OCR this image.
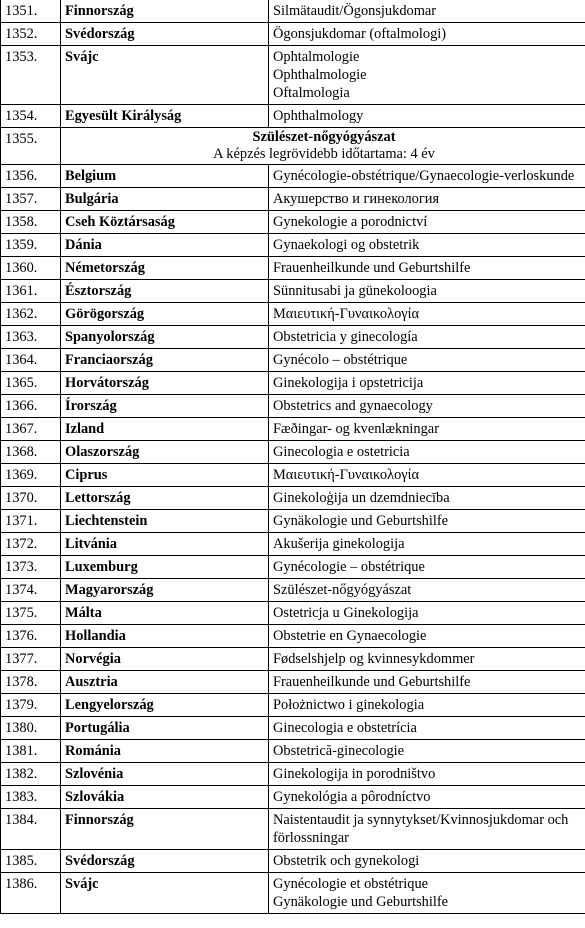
1351.	Finnország	Silmätaudit/Ögonsjukdomar

1352.	Svédország	Ögonsjukdomar (oftalmologi)

1353.	Svájc	Ophtalmologie
Ophthalmologie
Oftalmologia

1354.	Egyesült Királyság	Ophthalmology

1355.	Szülészet-nőgyógyászat
A képzés legrövidebb időtartama: 4 év	

1356.	Belgium	Gynécologie-obstétrique/Gynaecologie-verloskunde

1357.	Bulgária	Акушерство и гинекология

1358.	Cseh Köztársaság	Gynekologie a porodnictví

1359.	Dánia	Gynaekologi og obstetrik

1360.	Németország	Frauenheilkunde und Geburtshilfe

1361.	Észtország	Sünnitusabi ja günekoloogia

1362.	Görögország	Μαιευτική-Γυναικολογία

1363.	Spanyolország	Obstetricia y ginecología

1364.	Franciaország	Gynécolo – obstétrique

1365.	Horvátország	Ginekologija i opstetricija

1366.	Írország	Obstetrics and gynaecology

1367.	Izland	Fæðingar- og kvenlækningar

1368.	Olaszország	Ginecologia e ostetricia

1369.	Ciprus	Μαιευτική-Γυναικολογία

1370.	Lettország	Ginekoloģija un dzemdniecība

1371.	Liechtenstein	Gynäkologie und Geburtshilfe

1372.	Litvánia	Akušerija ginekologija

1373.	Luxemburg	Gynécologie – obstétrique

1374.	Magyarország	Szülészet-nőgyógyászat

1375.	Málta	Ostetricja u Ginekologija

1376.	Hollandia	Obstetrie en Gynaecologie

1377.	Norvégia	Fødselshjelp og kvinnesykdommer

1378.	Ausztria	Frauenheilkunde und Geburtshilfe

1379.	Lengyelország	Położnictwo i ginekologia

1380.	Portugália	Ginecologia e obstetrícia

1381.	Románia	Obstetrică-ginecologie

1382.	Szlovénia	Ginekologija in porodništvo

1383.	Szlovákia	Gynekológia a pôrodníctvo

1384.	Finnország	Naistentaudit ja synnytykset/Kvinnosjukdomar och förlossningar

1385.	Svédország	Obstetrik och gynekologi

1386.	Svájc	Gynécologie et obstétrique
Gynäkologie und Geburtshilfe
